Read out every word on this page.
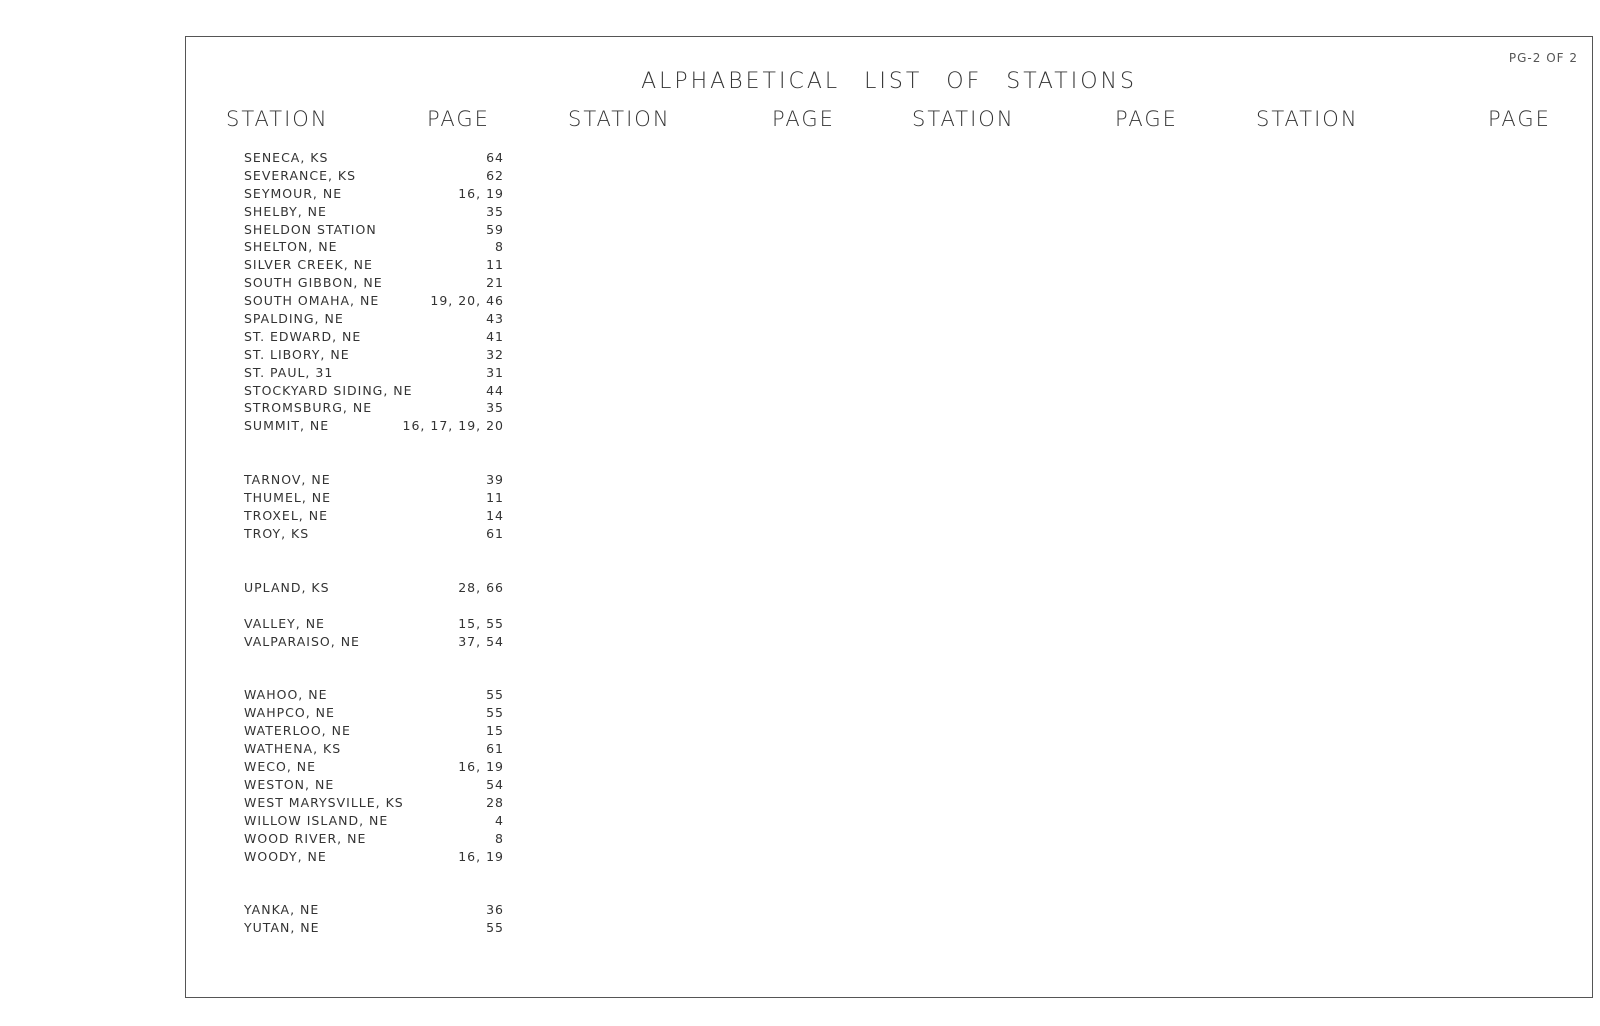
PG-2 OF 2
ALPHABETICAL LIST OF STATIONS
STATION	PAGE	STATION	PAGE	STATION	PAGE	STATION	PAGE
SENECA, KS	64
SEVERANCE, KS	62
SEYMOUR, NE	16, 19
SHELBY, NE	35
SHELDON STATION	59
SHELTON, NE	8
SILVER CREEK, NE	11
SOUTH GIBBON, NE	21
SOUTH OMAHA, NE	19, 20, 46
SPALDING, NE	43
ST. EDWARD, NE	41
ST. LIBORY, NE	32
ST. PAUL, 31	31
STOCKYARD SIDING, NE	44
STROMSBURG, NE	35
SUMMIT, NE	16, 17, 19, 20
TARNOV, NE	39
THUMEL, NE	11
TROXEL, NE	14
TROY, KS	61
UPLAND, KS	28, 66
VALLEY, NE	15, 55
VALPARAISO, NE	37, 54
WAHOO, NE	55
WAHPCO, NE	55
WATERLOO, NE	15
WATHENA, KS	61
WECO, NE	16, 19
WESTON, NE	54
WEST MARYSVILLE, KS	28
WILLOW ISLAND, NE	4
WOOD RIVER, NE	8
WOODY, NE	16, 19
YANKA, NE	36
YUTAN, NE	55
